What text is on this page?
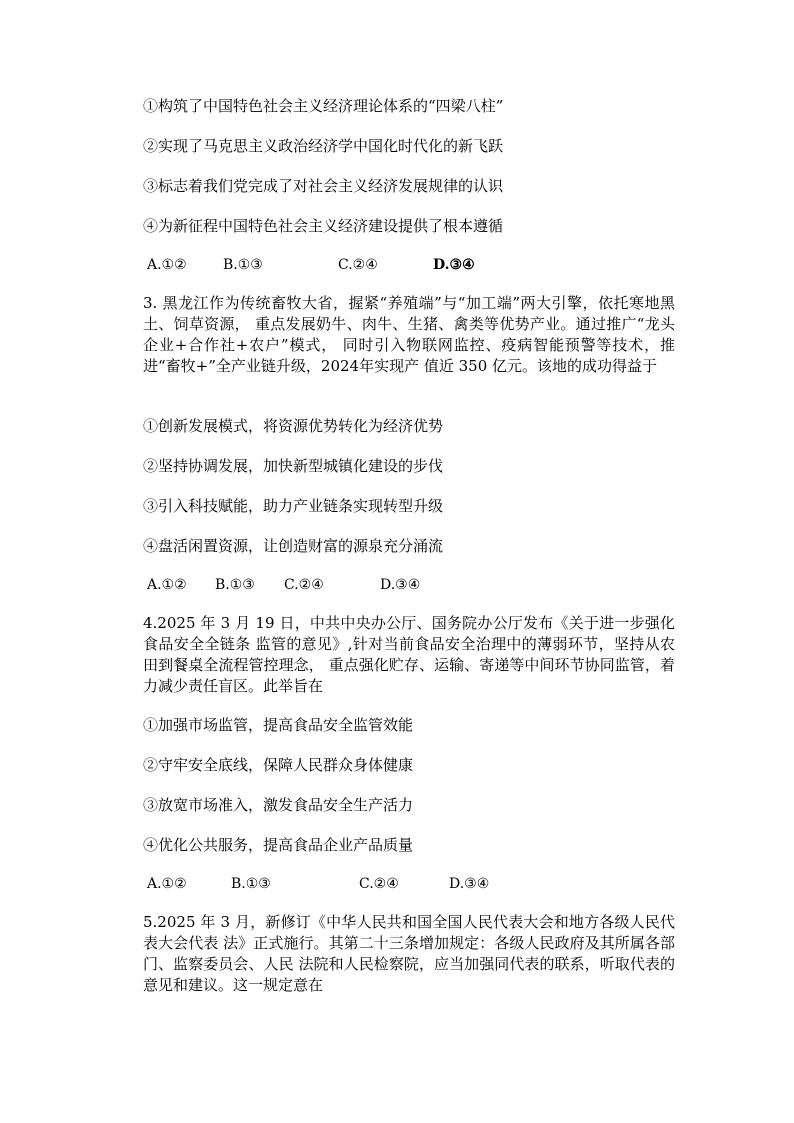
①构筑了中国特色社会主义经济理论体系的“四梁八柱”
②实现了马克思主义政治经济学中国化时代化的新飞跃
③标志着我们党完成了对社会主义经济发展规律的认识
④为新征程中国特色社会主义经济建设提供了根本遵循
A.①②	B.①③	C.②④	D.③④
3. 黑龙江作为传统畜牧大省，握紧“养殖端”与“加工端”两大引擎，依托寒地黑土、饲草资源， 重点发展奶牛、肉牛、生猪、禽类等优势产业。通过推广“龙头企业+合作社+农户”模式， 同时引入物联网监控、疫病智能预警等技术，推进“畜牧+”全产业链升级，2024年实现产 值近 350 亿元。该地的成功得益于
①创新发展模式，将资源优势转化为经济优势
②坚持协调发展，加快新型城镇化建设的步伐
③引入科技赋能，助力产业链条实现转型升级
④盘活闲置资源，让创造财富的源泉充分涌流
A.①② B.①③ C.②④	D.③④
4.2025 年 3 月 19 日，中共中央办公厅、国务院办公厅发布《关于进一步强化食品安全全链条 监管的意见》,针对当前食品安全治理中的薄弱环节，坚持从农田到餐桌全流程管控理念， 重点强化贮存、运输、寄递等中间环节协同监管，着力减少责任盲区。此举旨在
①加强市场监管，提高食品安全监管效能
②守牢安全底线，保障人民群众身体健康
③放宽市场准入，激发食品安全生产活力
④优化公共服务，提高食品企业产品质量
A.①②	B.①③	C.②④	D.③④
5.2025 年 3 月，新修订《中华人民共和国全国人民代表大会和地方各级人民代表大会代表 法》正式施行。其第二十三条增加规定：各级人民政府及其所属各部门、监察委员会、人民 法院和人民检察院，应当加强同代表的联系，听取代表的意见和建议。这一规定意在
